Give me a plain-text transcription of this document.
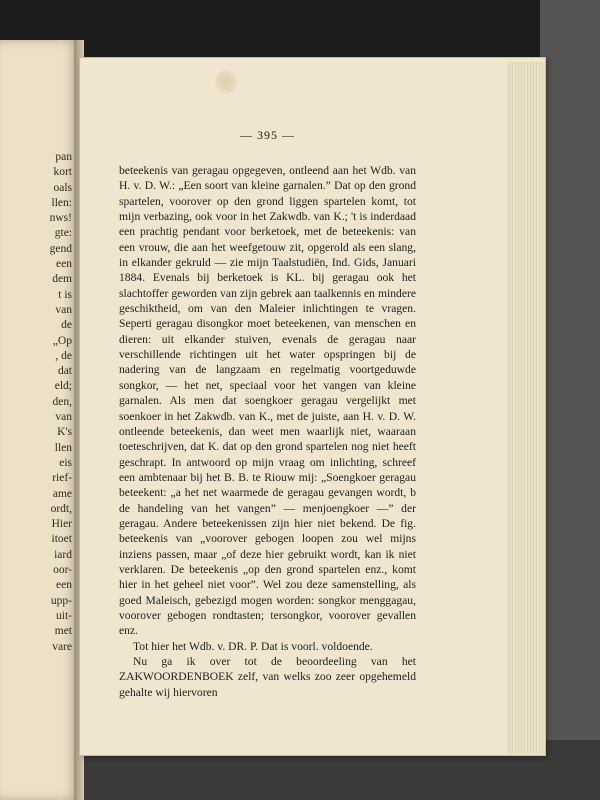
pan
kort
oals
llen:
nws!
gte:
gend
een
dem
t is
van
de
„Op
, de
dat
eld;
den,
van
K's
llen
eis
rief-
ame
ordt,
Hier
itoet
iard
oor-
een
upp-
uit-
met
vare
— 395 —

beteekenis van geragau opgegeven, ontleend aan het Wdb. van H. v. D. W.: „Een soort van kleine garnalen.” Dat op den grond spartelen, voorover op den grond liggen spartelen komt, tot mijn verbazing, ook voor in het Zakwdb. van K.; 't is inderdaad een prachtig pendant voor berketoek, met de beteekenis: van een vrouw, die aan het weefgetouw zit, opgerold als een slang, in elkander gekruld — zie mijn Taalstudiën, Ind. Gids, Januari 1884. Evenals bij berketoek is KL. bij geragau ook het slachtoffer geworden van zijn gebrek aan taalkennis en mindere geschiktheid, om van den Maleier inlichtingen te vragen. Seperti geragau disongkor moet beteekenen, van menschen en dieren: uit elkander stuiven, evenals de geragau naar verschillende richtingen uit het water opspringen bij de nadering van de langzaam en regelmatig voortgeduwde songkor, — het net, speciaal voor het vangen van kleine garnalen. Als men dat soengkoer geragau vergelijkt met soenkoer in het Zakwdb. van K., met de juiste, aan H. v. D. W. ontleende beteekenis, dan weet men waarlijk niet, waaraan toeteschrijven, dat K. dat op den grond spartelen nog niet heeft geschrapt. In antwoord op mijn vraag om inlichting, schreef een ambtenaar bij het B. B. te Riouw mij: „Soengkoer geragau beteekent: „a het net waarmede de geragau gevangen wordt, b de handeling van het vangen” — menjoengkoer —” der geragau. Andere beteekenissen zijn hier niet bekend. De fig. beteekenis van „voorover gebogen loopen zou wel mijns inziens passen, maar „of deze hier gebruikt wordt, kan ik niet verklaren. De beteekenis „op den grond spartelen enz., komt hier in het geheel niet voor”. Wel zou deze samenstelling, als goed Maleisch, gebezigd mogen worden: songkor menggagau, voorover gebogen rondtasten; tersongkor, voorover gevallen enz.

Tot hier het Wdb. v. DR. P. Dat is voorl. voldoende.

Nu ga ik over tot de beoordeeling van het ZAKWOORDENBOEK zelf, van welks zoo zeer opgehemeld gehalte wij hiervoren
